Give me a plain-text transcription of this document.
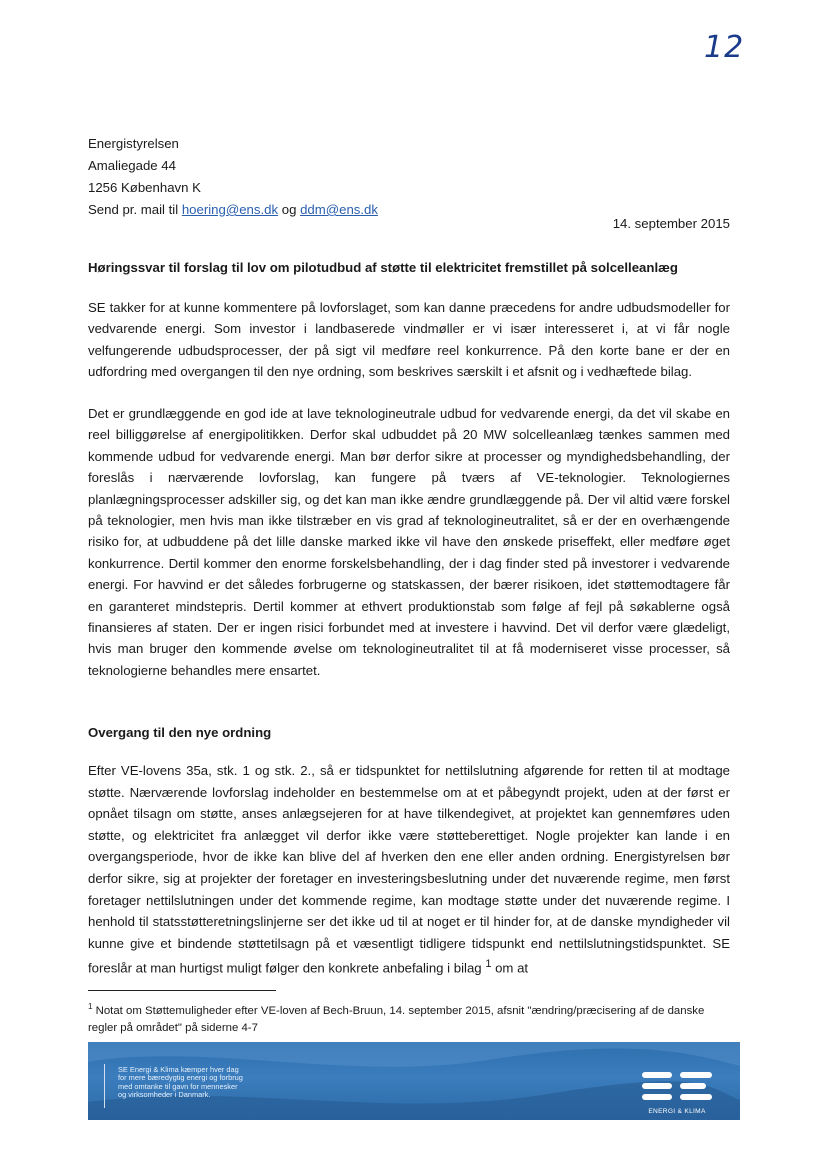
12
Energistyrelsen
Amaliegade 44
1256 København K
Send pr. mail til hoering@ens.dk og ddm@ens.dk
14. september 2015
Høringssvar til forslag til lov om pilotudbud af støtte til elektricitet fremstillet på solcelleanlæg

SE takker for at kunne kommentere på lovforslaget, som kan danne præcedens for andre udbudsmodeller for vedvarende energi. Som investor i landbaserede vindmøller er vi især interesseret i, at vi får nogle velfungerende udbudsprocesser, der på sigt vil medføre reel konkurrence. På den korte bane er der en udfordring med overgangen til den nye ordning, som beskrives særskilt i et afsnit og i vedhæftede bilag.

Det er grundlæggende en god ide at lave teknologineutrale udbud for vedvarende energi, da det vil skabe en reel billiggørelse af energipolitikken. Derfor skal udbuddet på 20 MW solcelleanlæg tænkes sammen med kommende udbud for vedvarende energi. Man bør derfor sikre at processer og myndighedsbehandling, der foreslås i nærværende lovforslag, kan fungere på tværs af VE-teknologier. Teknologiernes planlægningsprocesser adskiller sig, og det kan man ikke ændre grundlæggende på. Der vil altid være forskel på teknologier, men hvis man ikke tilstræber en vis grad af teknologineutralitet, så er der en overhængende risiko for, at udbuddene på det lille danske marked ikke vil have den ønskede priseffekt, eller medføre øget konkurrence. Dertil kommer den enorme forskelsbehandling, der i dag finder sted på investorer i vedvarende energi. For havvind er det således forbrugerne og statskassen, der bærer risikoen, idet støttemodtagere får en garanteret mindstepris. Dertil kommer at ethvert produktionstab som følge af fejl på søkablerne også finansieres af staten. Der er ingen risici forbundet med at investere i havvind. Det vil derfor være glædeligt, hvis man bruger den kommende øvelse om teknologineutralitet til at få moderniseret visse processer, så teknologierne behandles mere ensartet.

Overgang til den nye ordning

Efter VE-lovens 35a, stk. 1 og stk. 2., så er tidspunktet for nettilslutning afgørende for retten til at modtage støtte. Nærværende lovforslag indeholder en bestemmelse om at et påbegyndt projekt, uden at der først er opnået tilsagn om støtte, anses anlægsejeren for at have tilkendegivet, at projektet kan gennemføres uden støtte, og elektricitet fra anlægget vil derfor ikke være støtteberettiget. Nogle projekter kan lande i en overgangsperiode, hvor de ikke kan blive del af hverken den ene eller anden ordning. Energistyrelsen bør derfor sikre, sig at projekter der foretager en investeringsbeslutning under det nuværende regime, men først foretager nettilslutningen under det kommende regime, kan modtage støtte under det nuværende regime. I henhold til statsstøtteretningslinjerne ser det ikke ud til at noget er til hinder for, at de danske myndigheder vil kunne give et bindende støttetilsagn på et væsentligt tidligere tidspunkt end nettilslutningstidspunktet. SE foreslår at man hurtigst muligt følger den konkrete anbefaling i bilag $^1$ om at

$^1$ Notat om Støttemuligheder efter VE-loven af Bech-Bruun, 14. september 2015, afsnit "ændring/præcisering af de danske regler på området" på siderne 4-7
SE Energi & Klima kæmper hver dag
for mere bæredygtig energi og forbrug
med omtanke til gavn for mennesker
og virksomheder i Danmark.
ENERGI & KLIMA
